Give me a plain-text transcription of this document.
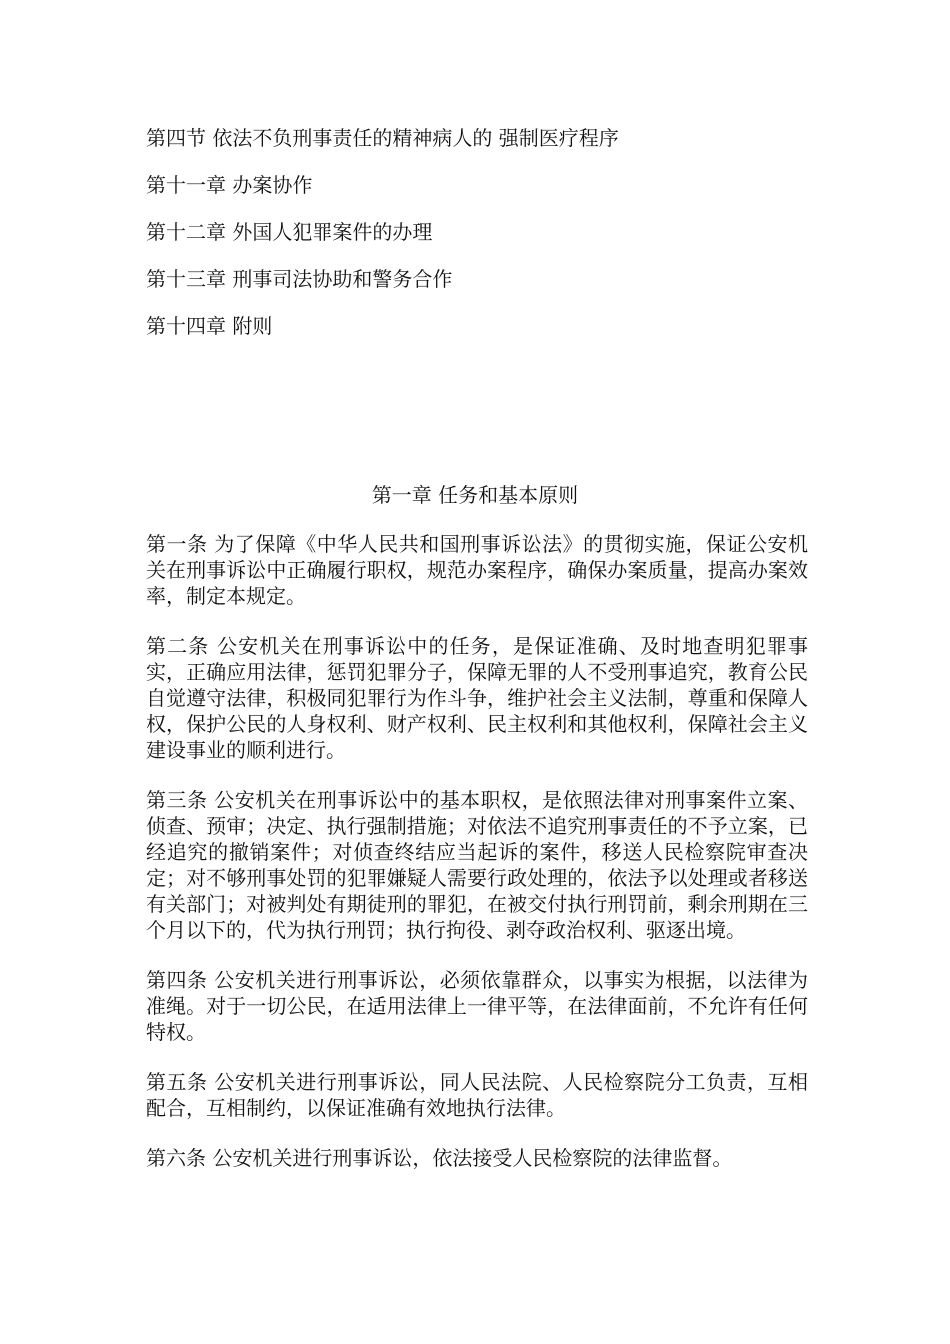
第四节 依法不负刑事责任的精神病人的 强制医疗程序

第十一章 办案协作

第十二章 外国人犯罪案件的办理

第十三章 刑事司法协助和警务合作

第十四章 附则

第一章 任务和基本原则

第一条 为了保障《中华人民共和国刑事诉讼法》的贯彻实施，保证公安机关在刑事诉讼中正确履行职权，规范办案程序，确保办案质量，提高办案效率，制定本规定。

第二条 公安机关在刑事诉讼中的任务，是保证准确、及时地查明犯罪事实，正确应用法律，惩罚犯罪分子，保障无罪的人不受刑事追究，教育公民自觉遵守法律，积极同犯罪行为作斗争，维护社会主义法制，尊重和保障人权，保护公民的人身权利、财产权利、民主权利和其他权利，保障社会主义建设事业的顺利进行。

第三条 公安机关在刑事诉讼中的基本职权，是依照法律对刑事案件立案、侦查、预审；决定、执行强制措施；对依法不追究刑事责任的不予立案，已经追究的撤销案件；对侦查终结应当起诉的案件，移送人民检察院审查决定；对不够刑事处罚的犯罪嫌疑人需要行政处理的，依法予以处理或者移送有关部门；对被判处有期徒刑的罪犯，在被交付执行刑罚前，剩余刑期在三个月以下的，代为执行刑罚；执行拘役、剥夺政治权利、驱逐出境。

第四条 公安机关进行刑事诉讼，必须依靠群众，以事实为根据，以法律为准绳。对于一切公民，在适用法律上一律平等，在法律面前，不允许有任何特权。

第五条 公安机关进行刑事诉讼，同人民法院、人民检察院分工负责，互相配合，互相制约，以保证准确有效地执行法律。

第六条 公安机关进行刑事诉讼，依法接受人民检察院的法律监督。
